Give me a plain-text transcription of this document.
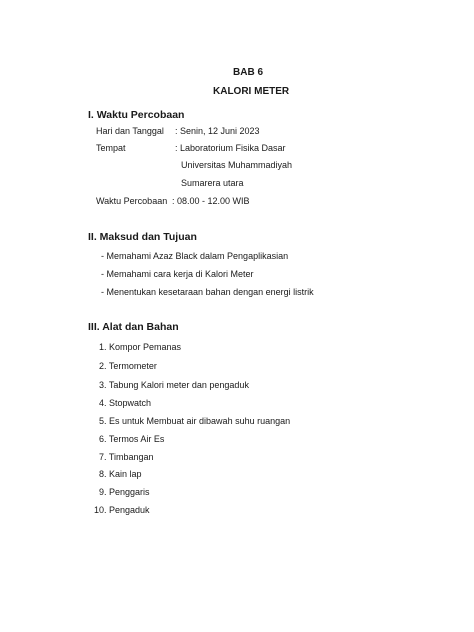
BAB 6
KALORI METER
I. Waktu Percobaan
Hari dan Tanggal : Senin, 12 Juni 2023
Tempat	: Laboratorium Fisika Dasar
Universitas Muhammadiyah
Sumarera utara
Waktu Percobaan : 08.00 - 12.00 WIB
II. Maksud dan Tujuan
- Memahami Azaz Black dalam Pengaplikasian
- Memahami cara kerja di Kalori Meter
- Menentukan kesetaraan bahan dengan energi listrik
III. Alat dan Bahan
1. Kompor Pemanas
2. Termometer
3. Tabung Kalori meter dan pengaduk
4. Stopwatch
5. Es untuk Membuat air dibawah suhu ruangan
6. Termos Air Es
7. Timbangan
8. Kain lap
9. Penggaris
10. Pengaduk
